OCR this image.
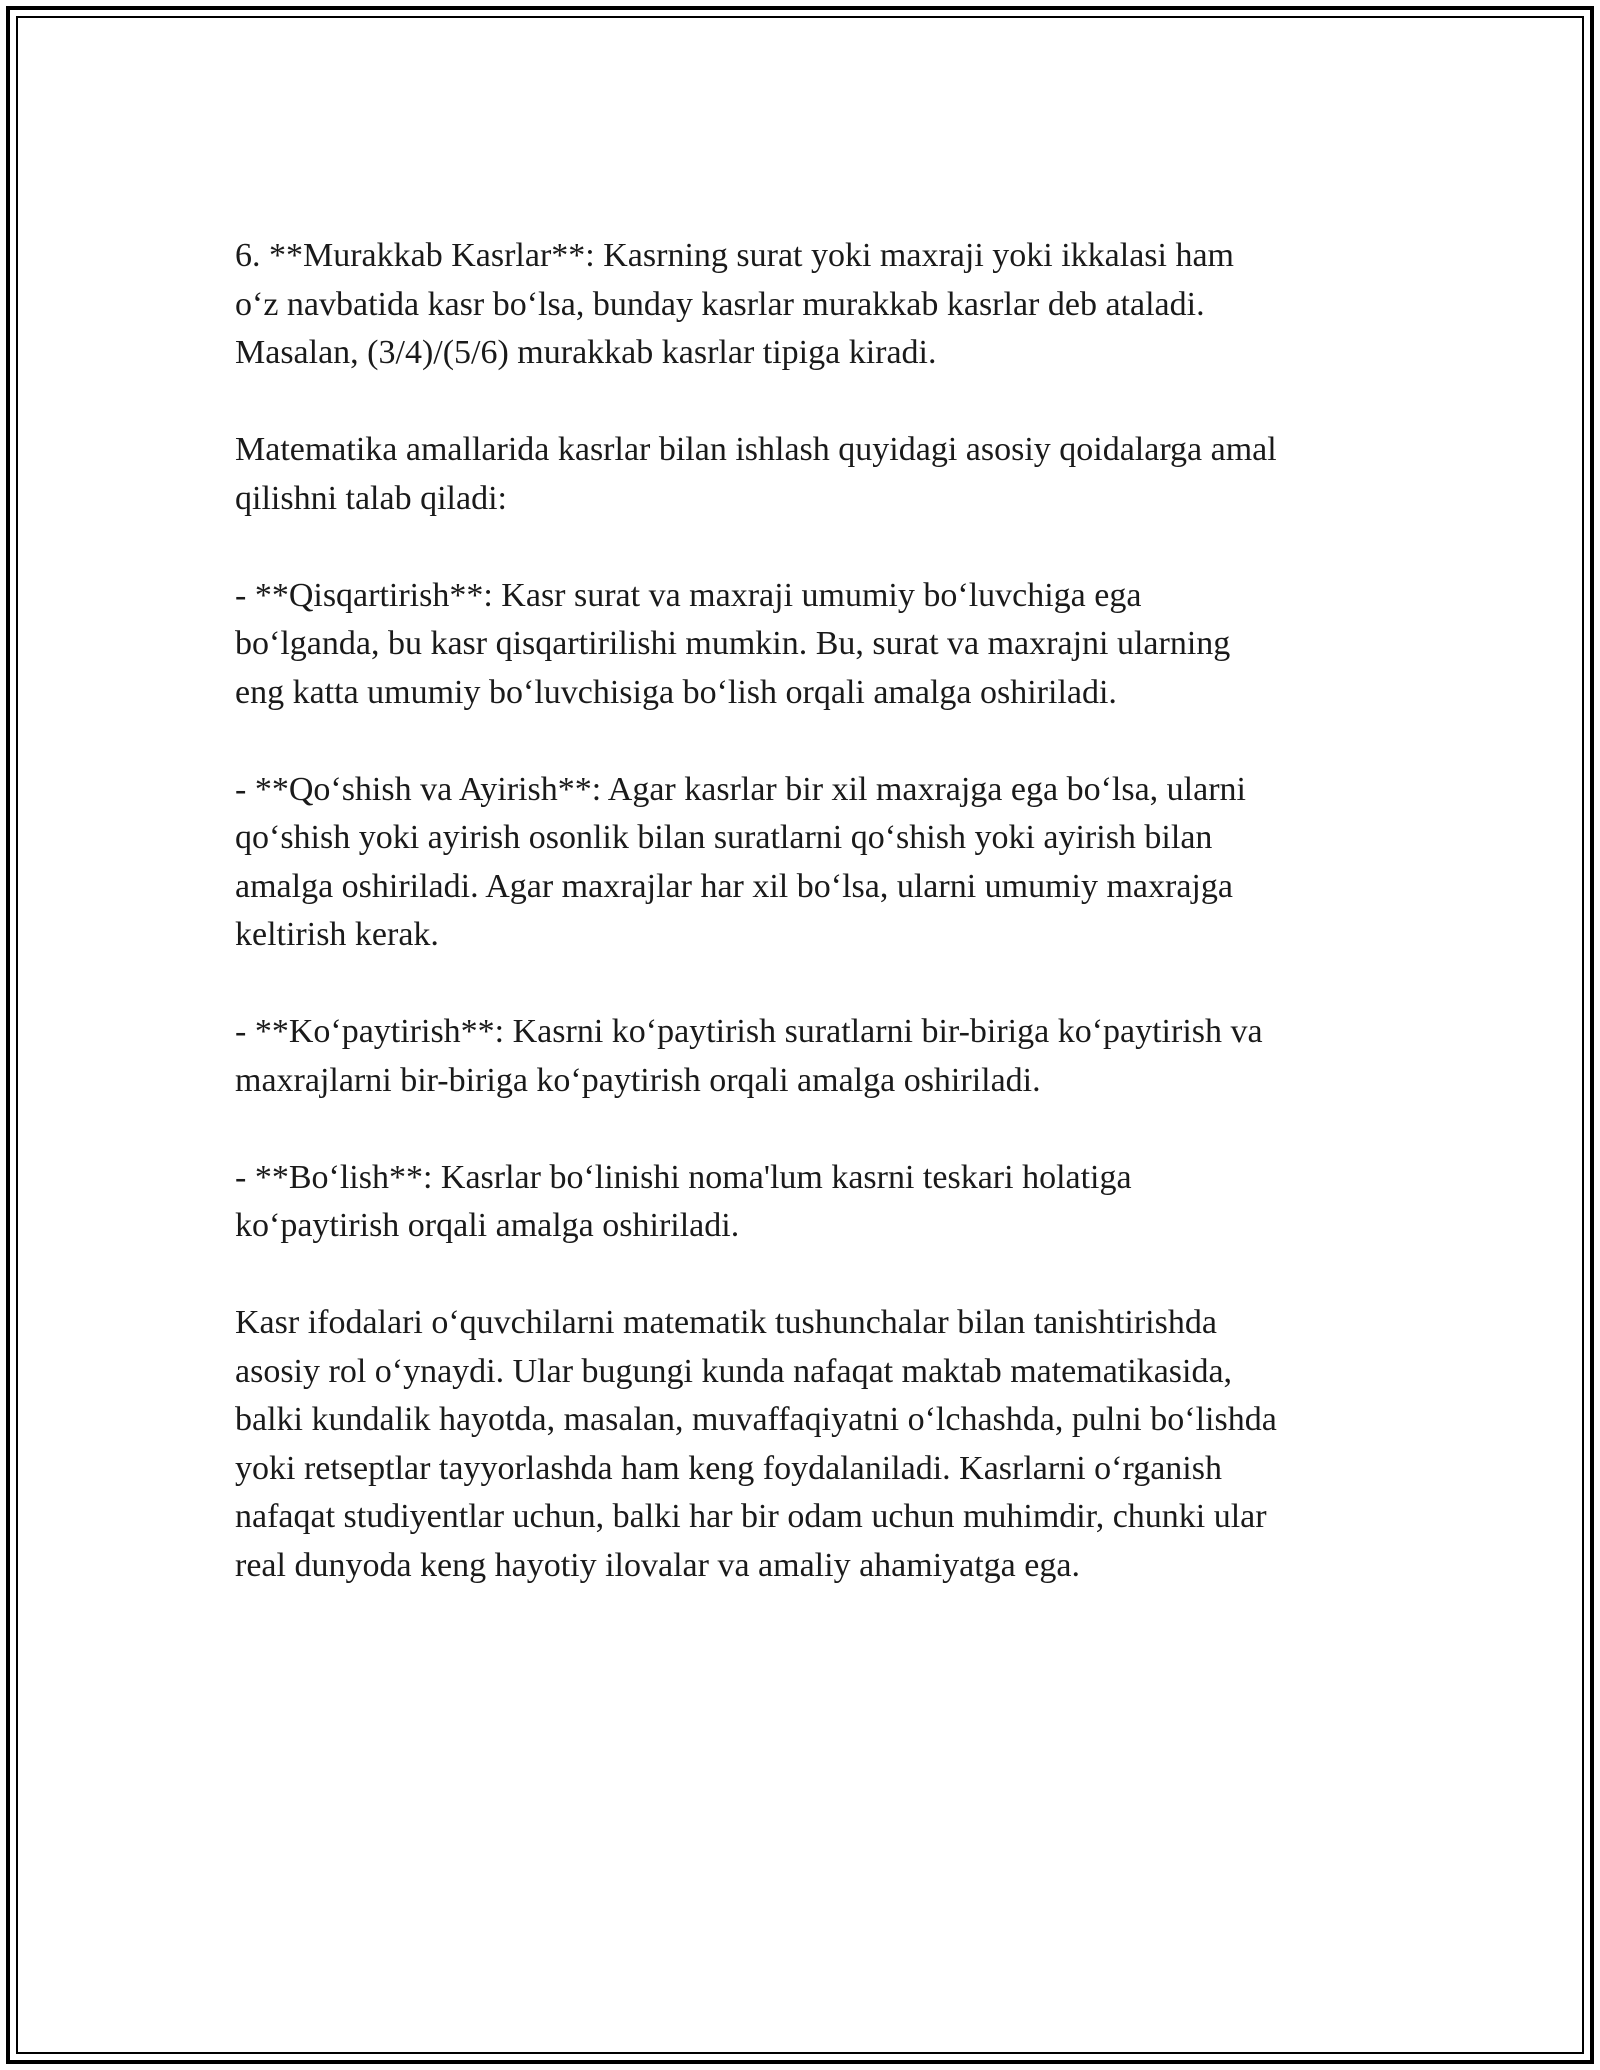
6. **Murakkab Kasrlar**: Kasrning surat yoki maxraji yoki ikkalasi ham
o‘z navbatida kasr bo‘lsa, bunday kasrlar murakkab kasrlar deb ataladi.
Masalan, (3/4)/(5/6) murakkab kasrlar tipiga kiradi.

Matematika amallarida kasrlar bilan ishlash quyidagi asosiy qoidalarga amal
qilishni talab qiladi:

- **Qisqartirish**: Kasr surat va maxraji umumiy bo‘luvchiga ega
bo‘lganda, bu kasr qisqartirilishi mumkin. Bu, surat va maxrajni ularning
eng katta umumiy bo‘luvchisiga bo‘lish orqali amalga oshiriladi.

- **Qo‘shish va Ayirish**: Agar kasrlar bir xil maxrajga ega bo‘lsa, ularni
qo‘shish yoki ayirish osonlik bilan suratlarni qo‘shish yoki ayirish bilan
amalga oshiriladi. Agar maxrajlar har xil bo‘lsa, ularni umumiy maxrajga
keltirish kerak.

- **Ko‘paytirish**: Kasrni ko‘paytirish suratlarni bir-biriga ko‘paytirish va
maxrajlarni bir-biriga ko‘paytirish orqali amalga oshiriladi.

- **Bo‘lish**: Kasrlar bo‘linishi noma'lum kasrni teskari holatiga
ko‘paytirish orqali amalga oshiriladi.

Kasr ifodalari o‘quvchilarni matematik tushunchalar bilan tanishtirishda
asosiy rol o‘ynaydi. Ular bugungi kunda nafaqat maktab matematikasida,
balki kundalik hayotda, masalan, muvaffaqiyatni o‘lchashda, pulni bo‘lishda
yoki retseptlar tayyorlashda ham keng foydalaniladi. Kasrlarni o‘rganish
nafaqat studiyentlar uchun, balki har bir odam uchun muhimdir, chunki ular
real dunyoda keng hayotiy ilovalar va amaliy ahamiyatga ega.
